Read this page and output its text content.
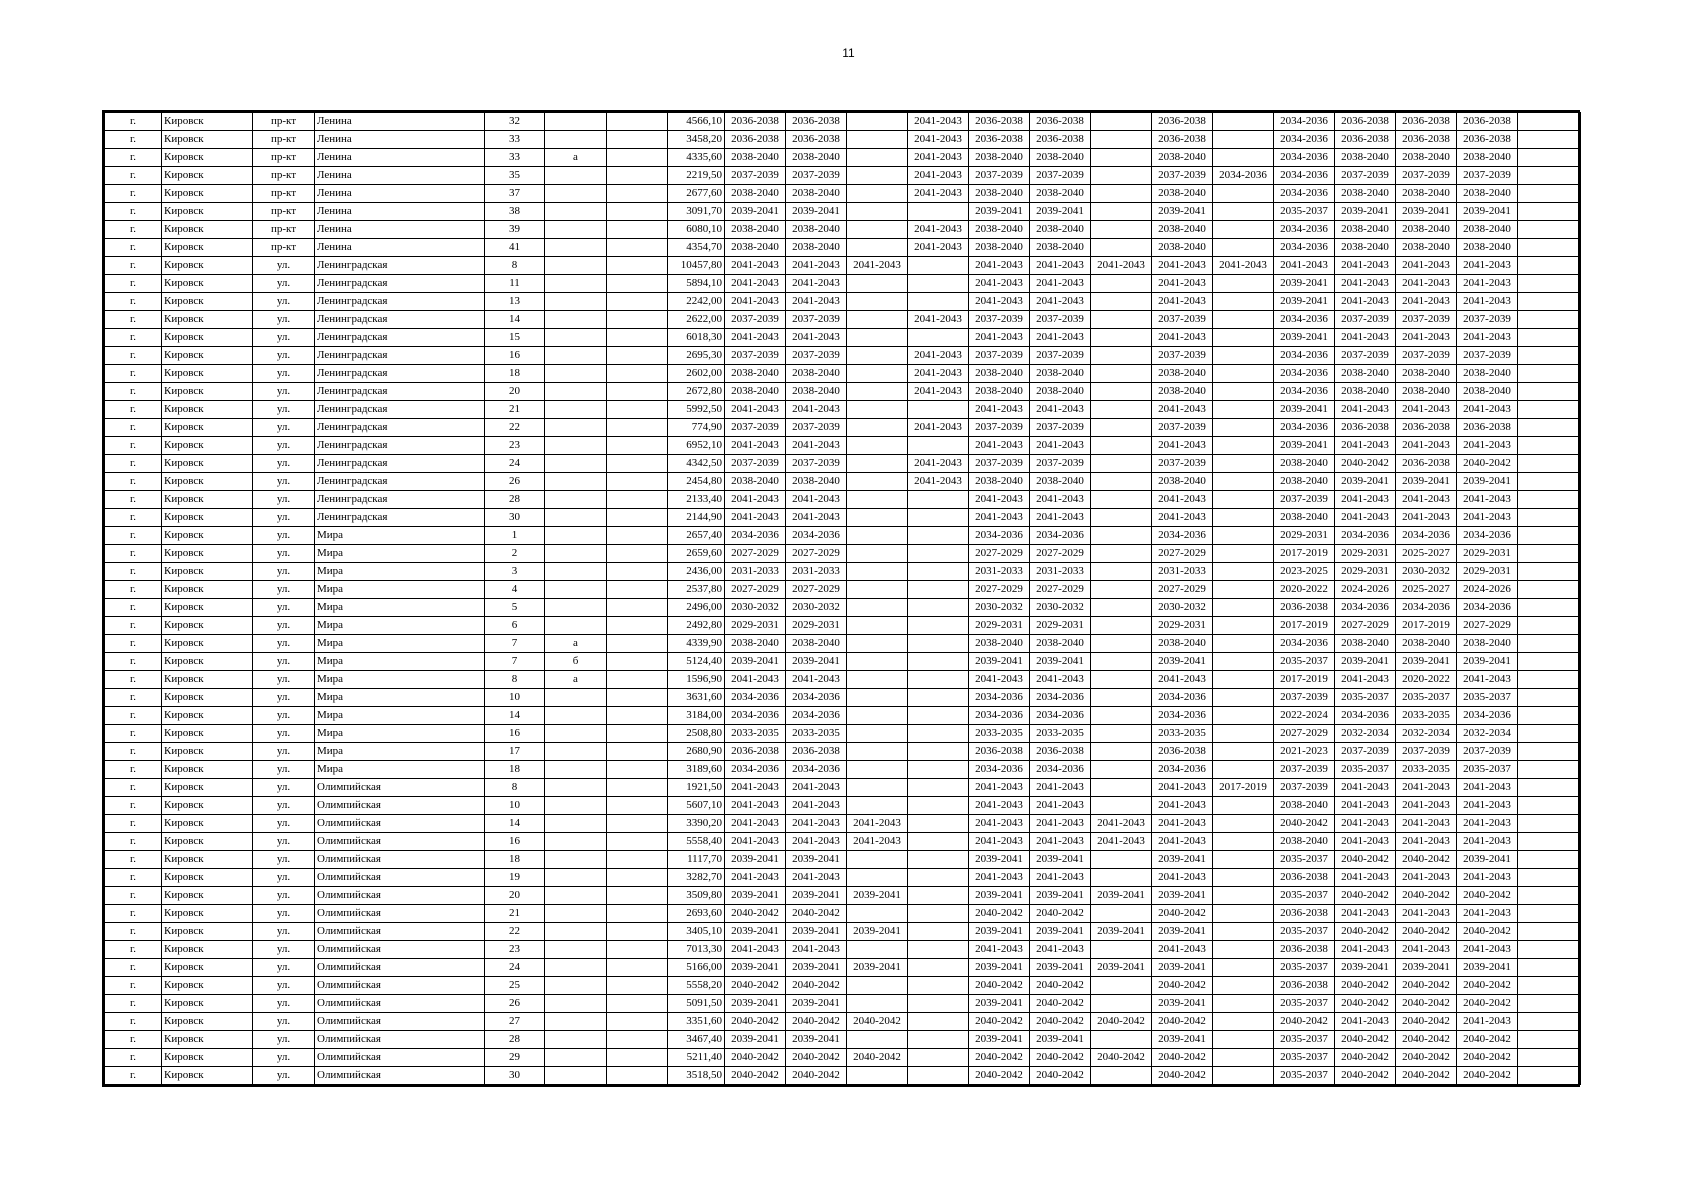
11
г.	Кировск	пр-кт	Ленина	32			4566,10	2036-2038	2036-2038		2041-2043	2036-2038	2036-2038		2036-2038		2034-2036	2036-2038	2036-2038	2036-2038	
г.	Кировск	пр-кт	Ленина	33			3458,20	2036-2038	2036-2038		2041-2043	2036-2038	2036-2038		2036-2038		2034-2036	2036-2038	2036-2038	2036-2038	
г.	Кировск	пр-кт	Ленина	33	а		4335,60	2038-2040	2038-2040		2041-2043	2038-2040	2038-2040		2038-2040		2034-2036	2038-2040	2038-2040	2038-2040	
г.	Кировск	пр-кт	Ленина	35			2219,50	2037-2039	2037-2039		2041-2043	2037-2039	2037-2039		2037-2039	2034-2036	2034-2036	2037-2039	2037-2039	2037-2039	
г.	Кировск	пр-кт	Ленина	37			2677,60	2038-2040	2038-2040		2041-2043	2038-2040	2038-2040		2038-2040		2034-2036	2038-2040	2038-2040	2038-2040	
г.	Кировск	пр-кт	Ленина	38			3091,70	2039-2041	2039-2041			2039-2041	2039-2041		2039-2041		2035-2037	2039-2041	2039-2041	2039-2041	
г.	Кировск	пр-кт	Ленина	39			6080,10	2038-2040	2038-2040		2041-2043	2038-2040	2038-2040		2038-2040		2034-2036	2038-2040	2038-2040	2038-2040	
г.	Кировск	пр-кт	Ленина	41			4354,70	2038-2040	2038-2040		2041-2043	2038-2040	2038-2040		2038-2040		2034-2036	2038-2040	2038-2040	2038-2040	
г.	Кировск	ул.	Ленинградская	8			10457,80	2041-2043	2041-2043	2041-2043		2041-2043	2041-2043	2041-2043	2041-2043	2041-2043	2041-2043	2041-2043	2041-2043	2041-2043	
г.	Кировск	ул.	Ленинградская	11			5894,10	2041-2043	2041-2043			2041-2043	2041-2043		2041-2043		2039-2041	2041-2043	2041-2043	2041-2043	
г.	Кировск	ул.	Ленинградская	13			2242,00	2041-2043	2041-2043			2041-2043	2041-2043		2041-2043		2039-2041	2041-2043	2041-2043	2041-2043	
г.	Кировск	ул.	Ленинградская	14			2622,00	2037-2039	2037-2039		2041-2043	2037-2039	2037-2039		2037-2039		2034-2036	2037-2039	2037-2039	2037-2039	
г.	Кировск	ул.	Ленинградская	15			6018,30	2041-2043	2041-2043			2041-2043	2041-2043		2041-2043		2039-2041	2041-2043	2041-2043	2041-2043	
г.	Кировск	ул.	Ленинградская	16			2695,30	2037-2039	2037-2039		2041-2043	2037-2039	2037-2039		2037-2039		2034-2036	2037-2039	2037-2039	2037-2039	
г.	Кировск	ул.	Ленинградская	18			2602,00	2038-2040	2038-2040		2041-2043	2038-2040	2038-2040		2038-2040		2034-2036	2038-2040	2038-2040	2038-2040	
г.	Кировск	ул.	Ленинградская	20			2672,80	2038-2040	2038-2040		2041-2043	2038-2040	2038-2040		2038-2040		2034-2036	2038-2040	2038-2040	2038-2040	
г.	Кировск	ул.	Ленинградская	21			5992,50	2041-2043	2041-2043			2041-2043	2041-2043		2041-2043		2039-2041	2041-2043	2041-2043	2041-2043	
г.	Кировск	ул.	Ленинградская	22			774,90	2037-2039	2037-2039		2041-2043	2037-2039	2037-2039		2037-2039		2034-2036	2036-2038	2036-2038	2036-2038	
г.	Кировск	ул.	Ленинградская	23			6952,10	2041-2043	2041-2043			2041-2043	2041-2043		2041-2043		2039-2041	2041-2043	2041-2043	2041-2043	
г.	Кировск	ул.	Ленинградская	24			4342,50	2037-2039	2037-2039		2041-2043	2037-2039	2037-2039		2037-2039		2038-2040	2040-2042	2036-2038	2040-2042	
г.	Кировск	ул.	Ленинградская	26			2454,80	2038-2040	2038-2040		2041-2043	2038-2040	2038-2040		2038-2040		2038-2040	2039-2041	2039-2041	2039-2041	
г.	Кировск	ул.	Ленинградская	28			2133,40	2041-2043	2041-2043			2041-2043	2041-2043		2041-2043		2037-2039	2041-2043	2041-2043	2041-2043	
г.	Кировск	ул.	Ленинградская	30			2144,90	2041-2043	2041-2043			2041-2043	2041-2043		2041-2043		2038-2040	2041-2043	2041-2043	2041-2043	
г.	Кировск	ул.	Мира	1			2657,40	2034-2036	2034-2036			2034-2036	2034-2036		2034-2036		2029-2031	2034-2036	2034-2036	2034-2036	
г.	Кировск	ул.	Мира	2			2659,60	2027-2029	2027-2029			2027-2029	2027-2029		2027-2029		2017-2019	2029-2031	2025-2027	2029-2031	
г.	Кировск	ул.	Мира	3			2436,00	2031-2033	2031-2033			2031-2033	2031-2033		2031-2033		2023-2025	2029-2031	2030-2032	2029-2031	
г.	Кировск	ул.	Мира	4			2537,80	2027-2029	2027-2029			2027-2029	2027-2029		2027-2029		2020-2022	2024-2026	2025-2027	2024-2026	
г.	Кировск	ул.	Мира	5			2496,00	2030-2032	2030-2032			2030-2032	2030-2032		2030-2032		2036-2038	2034-2036	2034-2036	2034-2036	
г.	Кировск	ул.	Мира	6			2492,80	2029-2031	2029-2031			2029-2031	2029-2031		2029-2031		2017-2019	2027-2029	2017-2019	2027-2029	
г.	Кировск	ул.	Мира	7	а		4339,90	2038-2040	2038-2040			2038-2040	2038-2040		2038-2040		2034-2036	2038-2040	2038-2040	2038-2040	
г.	Кировск	ул.	Мира	7	б		5124,40	2039-2041	2039-2041			2039-2041	2039-2041		2039-2041		2035-2037	2039-2041	2039-2041	2039-2041	
г.	Кировск	ул.	Мира	8	а		1596,90	2041-2043	2041-2043			2041-2043	2041-2043		2041-2043		2017-2019	2041-2043	2020-2022	2041-2043	
г.	Кировск	ул.	Мира	10			3631,60	2034-2036	2034-2036			2034-2036	2034-2036		2034-2036		2037-2039	2035-2037	2035-2037	2035-2037	
г.	Кировск	ул.	Мира	14			3184,00	2034-2036	2034-2036			2034-2036	2034-2036		2034-2036		2022-2024	2034-2036	2033-2035	2034-2036	
г.	Кировск	ул.	Мира	16			2508,80	2033-2035	2033-2035			2033-2035	2033-2035		2033-2035		2027-2029	2032-2034	2032-2034	2032-2034	
г.	Кировск	ул.	Мира	17			2680,90	2036-2038	2036-2038			2036-2038	2036-2038		2036-2038		2021-2023	2037-2039	2037-2039	2037-2039	
г.	Кировск	ул.	Мира	18			3189,60	2034-2036	2034-2036			2034-2036	2034-2036		2034-2036		2037-2039	2035-2037	2033-2035	2035-2037	
г.	Кировск	ул.	Олимпийская	8			1921,50	2041-2043	2041-2043			2041-2043	2041-2043		2041-2043	2017-2019	2037-2039	2041-2043	2041-2043	2041-2043	
г.	Кировск	ул.	Олимпийская	10			5607,10	2041-2043	2041-2043			2041-2043	2041-2043		2041-2043		2038-2040	2041-2043	2041-2043	2041-2043	
г.	Кировск	ул.	Олимпийская	14			3390,20	2041-2043	2041-2043	2041-2043		2041-2043	2041-2043	2041-2043	2041-2043		2040-2042	2041-2043	2041-2043	2041-2043	
г.	Кировск	ул.	Олимпийская	16			5558,40	2041-2043	2041-2043	2041-2043		2041-2043	2041-2043	2041-2043	2041-2043		2038-2040	2041-2043	2041-2043	2041-2043	
г.	Кировск	ул.	Олимпийская	18			1117,70	2039-2041	2039-2041			2039-2041	2039-2041		2039-2041		2035-2037	2040-2042	2040-2042	2039-2041	
г.	Кировск	ул.	Олимпийская	19			3282,70	2041-2043	2041-2043			2041-2043	2041-2043		2041-2043		2036-2038	2041-2043	2041-2043	2041-2043	
г.	Кировск	ул.	Олимпийская	20			3509,80	2039-2041	2039-2041	2039-2041		2039-2041	2039-2041	2039-2041	2039-2041		2035-2037	2040-2042	2040-2042	2040-2042	
г.	Кировск	ул.	Олимпийская	21			2693,60	2040-2042	2040-2042			2040-2042	2040-2042		2040-2042		2036-2038	2041-2043	2041-2043	2041-2043	
г.	Кировск	ул.	Олимпийская	22			3405,10	2039-2041	2039-2041	2039-2041		2039-2041	2039-2041	2039-2041	2039-2041		2035-2037	2040-2042	2040-2042	2040-2042	
г.	Кировск	ул.	Олимпийская	23			7013,30	2041-2043	2041-2043			2041-2043	2041-2043		2041-2043		2036-2038	2041-2043	2041-2043	2041-2043	
г.	Кировск	ул.	Олимпийская	24			5166,00	2039-2041	2039-2041	2039-2041		2039-2041	2039-2041	2039-2041	2039-2041		2035-2037	2039-2041	2039-2041	2039-2041	
г.	Кировск	ул.	Олимпийская	25			5558,20	2040-2042	2040-2042			2040-2042	2040-2042		2040-2042		2036-2038	2040-2042	2040-2042	2040-2042	
г.	Кировск	ул.	Олимпийская	26			5091,50	2039-2041	2039-2041			2039-2041	2040-2042		2039-2041		2035-2037	2040-2042	2040-2042	2040-2042	
г.	Кировск	ул.	Олимпийская	27			3351,60	2040-2042	2040-2042	2040-2042		2040-2042	2040-2042	2040-2042	2040-2042		2040-2042	2041-2043	2040-2042	2041-2043	
г.	Кировск	ул.	Олимпийская	28			3467,40	2039-2041	2039-2041			2039-2041	2039-2041		2039-2041		2035-2037	2040-2042	2040-2042	2040-2042	
г.	Кировск	ул.	Олимпийская	29			5211,40	2040-2042	2040-2042	2040-2042		2040-2042	2040-2042	2040-2042	2040-2042		2035-2037	2040-2042	2040-2042	2040-2042	
г.	Кировск	ул.	Олимпийская	30			3518,50	2040-2042	2040-2042			2040-2042	2040-2042		2040-2042		2035-2037	2040-2042	2040-2042	2040-2042	
